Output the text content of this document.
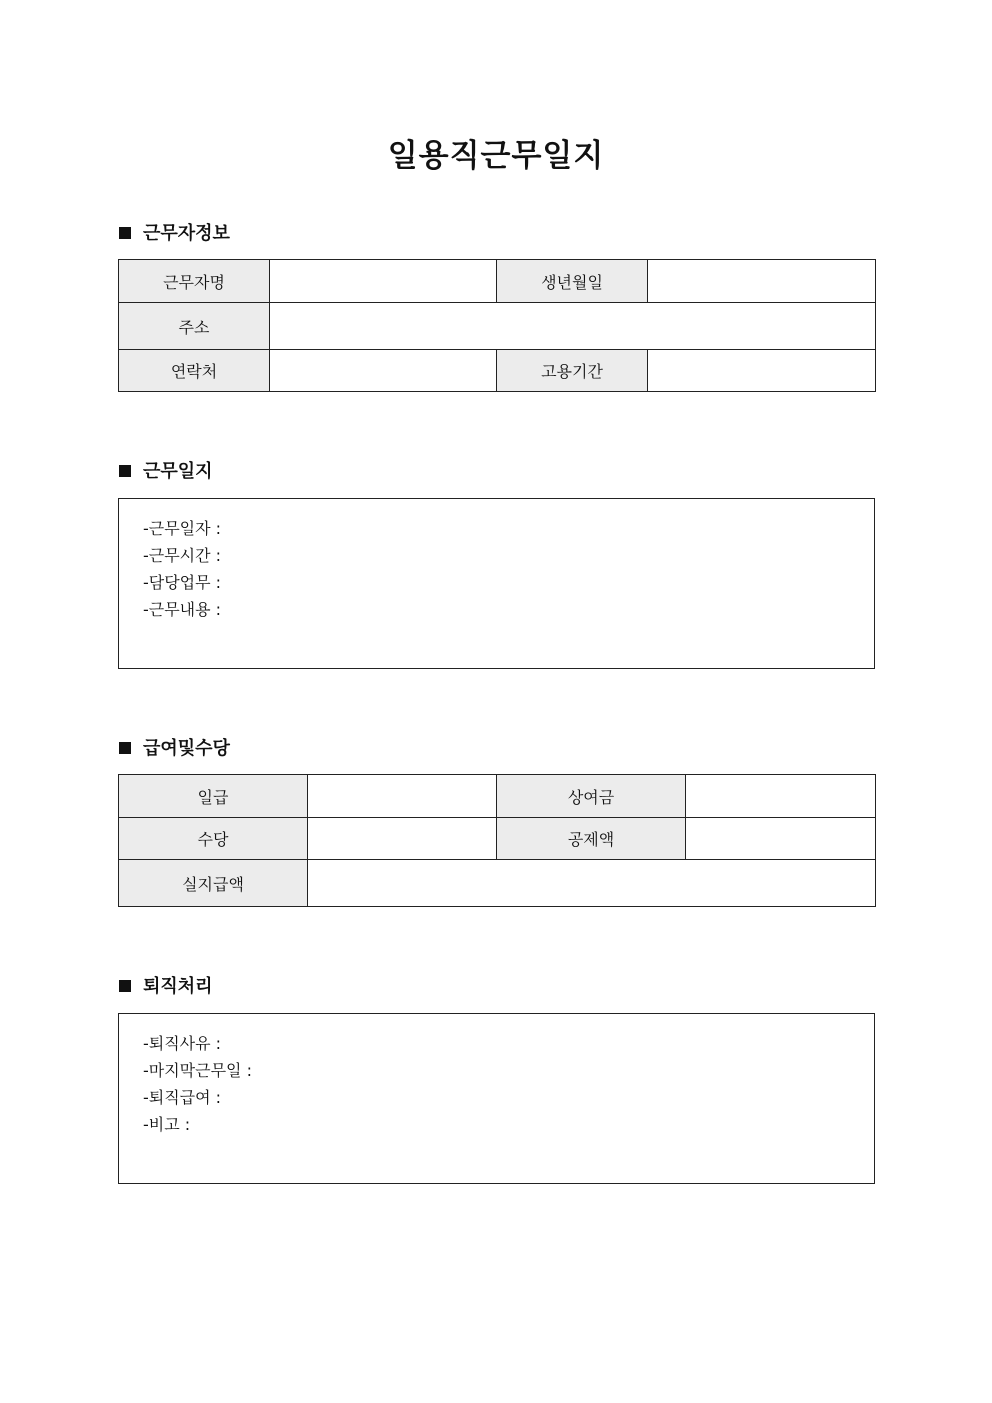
일용직근무일지
근무자정보
근무자명		생년월일	
주소			
연락처		고용기간	
근무일지
-근무일자 :
-근무시간 :
-담당업무 :
-근무내용 :
급여및수당
일급		상여금	
수당		공제액	
실지급액			
퇴직처리
-퇴직사유 :
-마지막근무일 :
-퇴직급여 :
-비고 :
